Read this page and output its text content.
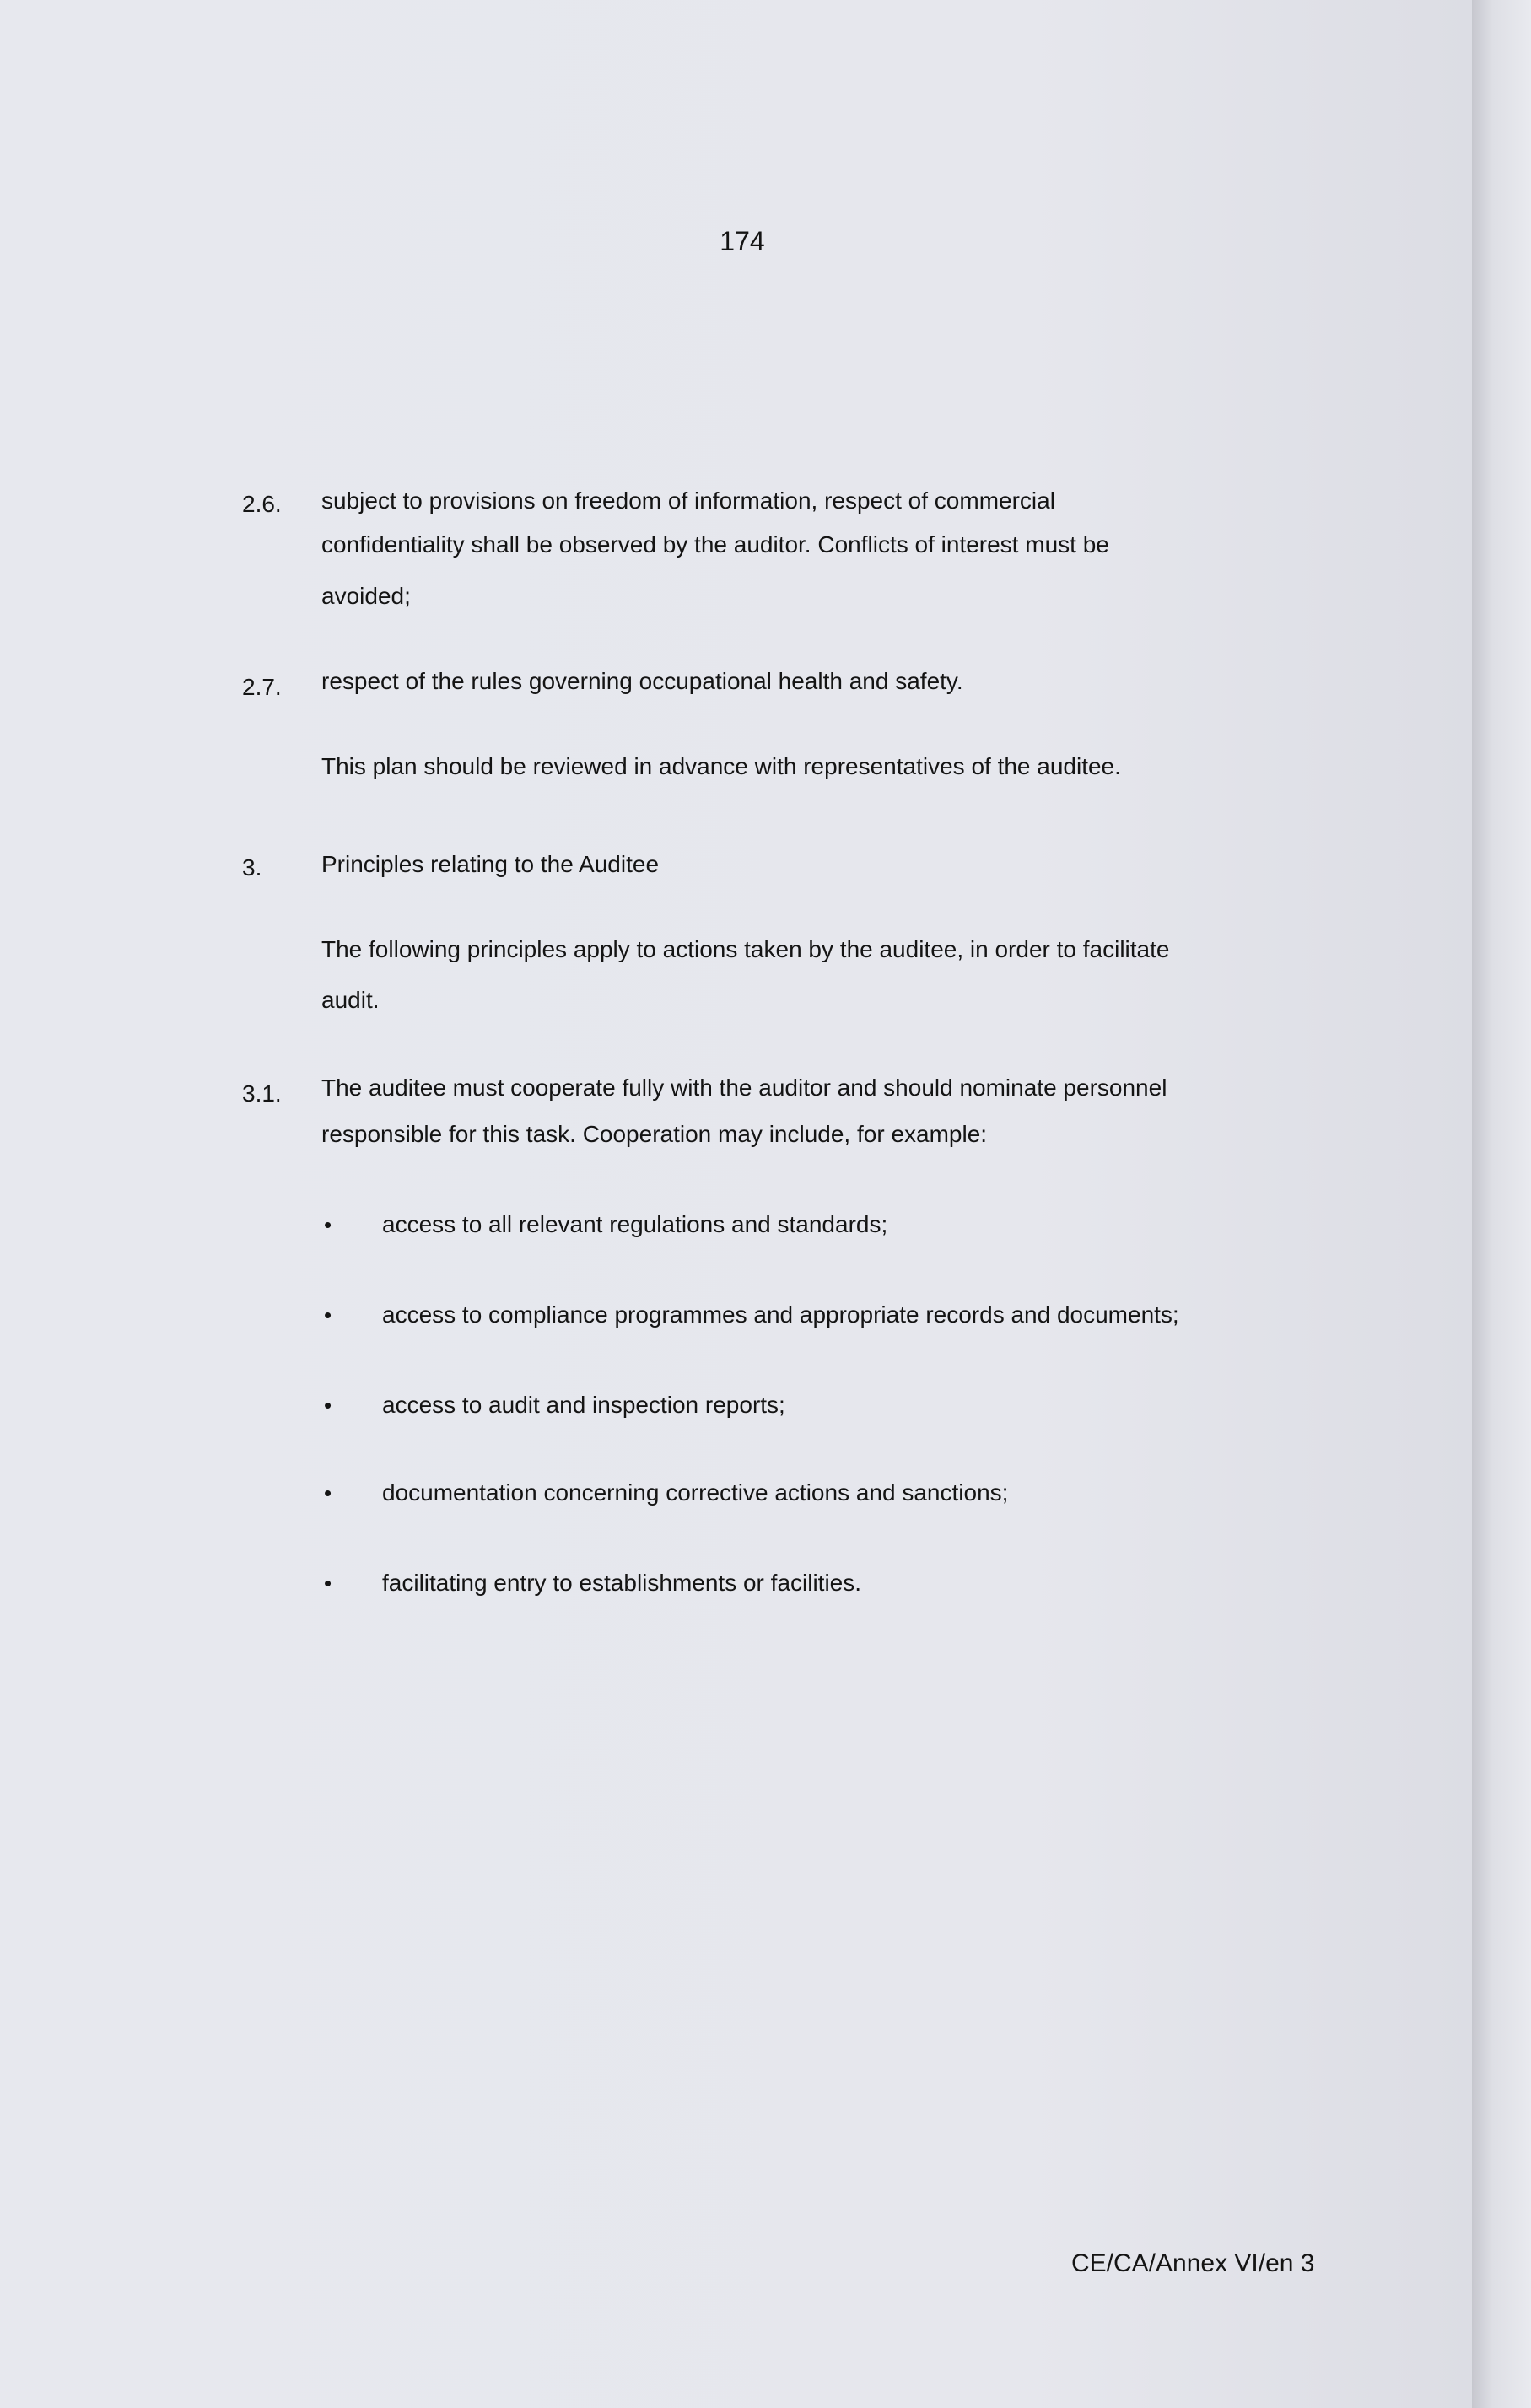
174
2.6. subject to provisions on freedom of information, respect of commercial
confidentiality shall be observed by the auditor. Conflicts of interest must be
avoided;
2.7. respect of the rules governing occupational health and safety.
This plan should be reviewed in advance with representatives of the auditee.
3.	Principles relating to the Auditee
The following principles apply to actions taken by the auditee, in order to facilitate
audit.
3.1. The auditee must cooperate fully with the auditor and should nominate personnel
responsible for this task. Cooperation may include, for example:
• access to all relevant regulations and standards;
• access to compliance programmes and appropriate records and documents;
• access to audit and inspection reports;
• documentation concerning corrective actions and sanctions;
• facilitating entry to establishments or facilities.
CE/CA/Annex VI/en 3
